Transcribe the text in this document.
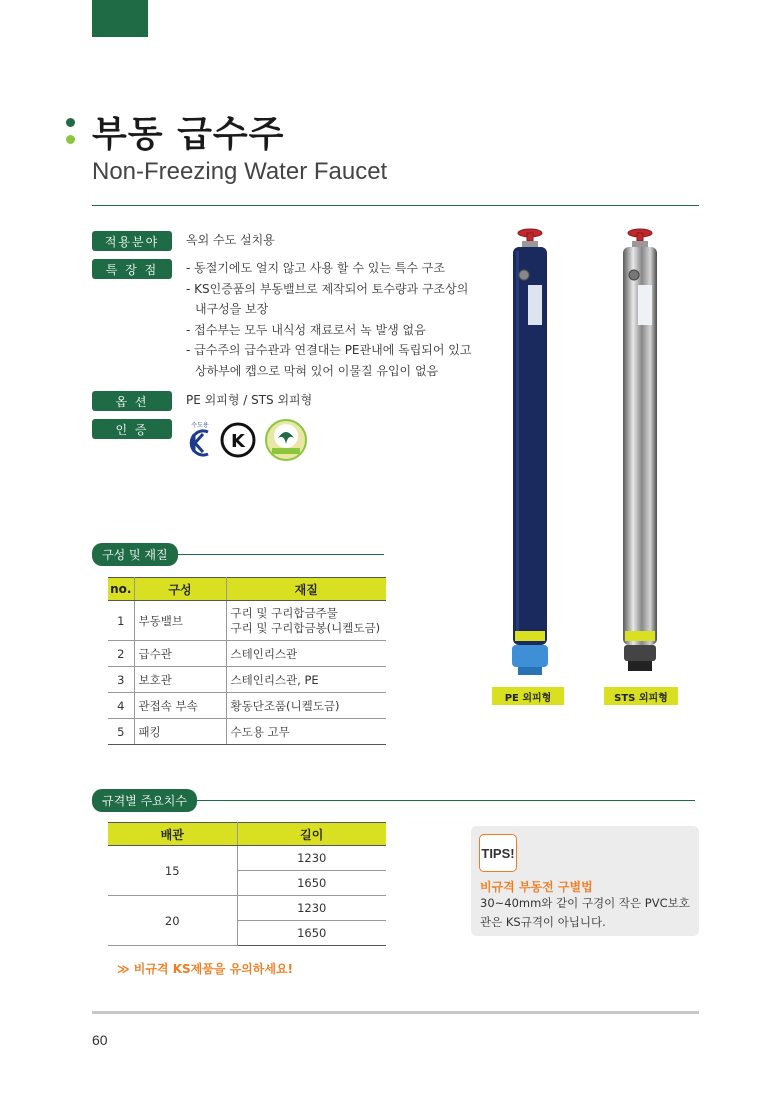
부동 급수주
Non-Freezing Water Faucet
적용분야	옥외 수도 설치용
특 장 점	- 동절기에도 얼지 않고 사용 할 수 있는 특수 구조
- KS인증품의 부동밸브로 제작되어 토수량과 구조상의
내구성을 보장
- 접수부는 모두 내식성 재료로서 녹 발생 없음
- 급수주의 급수관과 연결대는 PE관내에 독립되어 있고
상하부에 캡으로 막혀 있어 이물질 유입이 없음
옵 션	PE 외피형 / STS 외피형
인 증	수도용
K
구성 및 재질
no.	구성	재질
1	부동밸브	구리 및 구리합금주물
구리 및 구리합금봉(니켈도금)

2	급수관	스테인리스관
3	보호관	스테인리스관, PE
4	관접속 부속	황동단조품(니켈도금)
5	패킹	수도용 고무
PE 외피형	STS 외피형
규격별 주요치수
배관	길이
15	1230
	1650
20	1230
	1650
≫ 비규격 KS제품을 유의하세요!
TIPS!
비규격 부동전 구별법
30~40mm와 같이 구경이 작은 PVC보호관은 KS규격이 아닙니다.
60
